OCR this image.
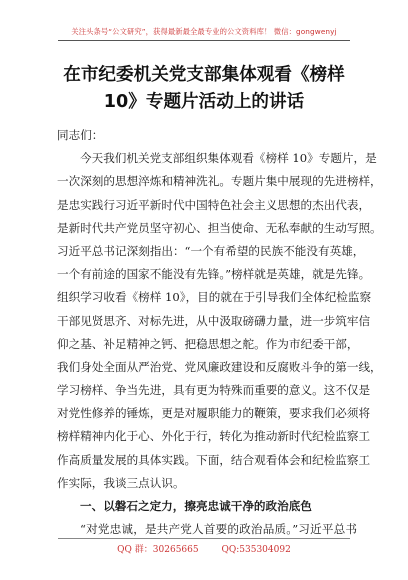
关注头条号“公文研究”，获得最新最全最专业的公文资料库！ 微信：gongwenyj
在市纪委机关党支部集体观看《榜样
10》专题片活动上的讲话
同志们：
今天我们机关党支部组织集体观看《榜样 10》专题片，是
一次深刻的思想淬炼和精神洗礼。专题片集中展现的先进榜样，
是忠实践行习近平新时代中国特色社会主义思想的杰出代表，
是新时代共产党员坚守初心、担当使命、无私奉献的生动写照。
习近平总书记深刻指出：“一个有希望的民族不能没有英雄，
一个有前途的国家不能没有先锋。”榜样就是英雄，就是先锋。
组织学习收看《榜样 10》，目的就在于引导我们全体纪检监察
干部见贤思齐、对标先进，从中汲取磅礴力量，进一步筑牢信
仰之基、补足精神之钙、把稳思想之舵。作为市纪委干部，
我们身处全面从严治党、党风廉政建设和反腐败斗争的第一线，
学习榜样、争当先进，具有更为特殊而重要的意义。这不仅是
对党性修养的锤炼，更是对履职能力的鞭策，要求我们必须将
榜样精神内化于心、外化于行，转化为推动新时代纪检监察工
作高质量发展的具体实践。下面，结合观看体会和纪检监察工
作实际，我谈三点认识。
一、以磐石之定力，擦亮忠诚干净的政治底色
“对党忠诚，是共产党人首要的政治品质。”习近平总书
QQ 群：30265665	QQ:535304092
